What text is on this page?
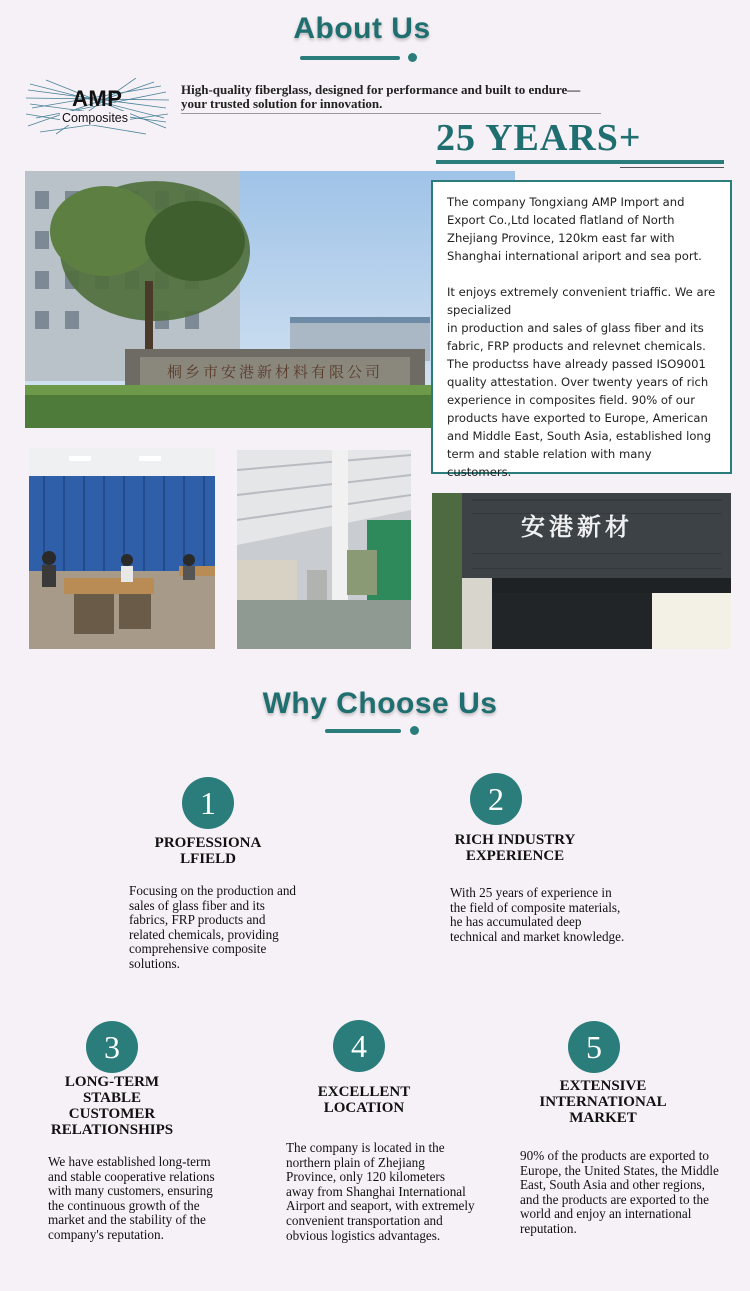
About Us
AMP
Composites
High-quality fiberglass, designed for performance and built to endure—
your trusted solution for innovation.
25 YEARS+
桐乡市安港新材料有限公司
The company Tongxiang AMP Import and Export Co.,Ltd located flatland of North Zhejiang Province, 120km east far with Shanghai international ariport and sea port.
It enjoys extremely convenient triaffic. We are specialized
in production and sales of glass fiber and its fabric, FRP products and relevnet chemicals. The productss have already passed ISO9001 quality attestation. Over twenty years of rich experience in composites field. 90% of our products have exported to Europe, American and Middle East, South Asia, established long term and stable relation with many customers.
安港新材
Why Choose Us
1
PROFESSIONA
LFIELD
Focusing on the production and sales of glass fiber and its fabrics, FRP products and related chemicals, providing comprehensive composite solutions.
2
RICH INDUSTRY
EXPERIENCE
With 25 years of experience in the field of composite materials, he has accumulated deep technical and market knowledge.
3
LONG-TERM
STABLE
CUSTOMER
RELATIONSHIPS
We have established long-term and stable cooperative relations with many customers, ensuring the continuous growth of the market and the stability of the company's reputation.
4
EXCELLENT
LOCATION
The company is located in the northern plain of Zhejiang Province, only 120 kilometers away from Shanghai International Airport and seaport, with extremely convenient transportation and obvious logistics advantages.
5
EXTENSIVE
INTERNATIONAL
MARKET
90% of the products are exported to Europe, the United States, the Middle East, South Asia and other regions, and the products are exported to the world and enjoy an international reputation.
